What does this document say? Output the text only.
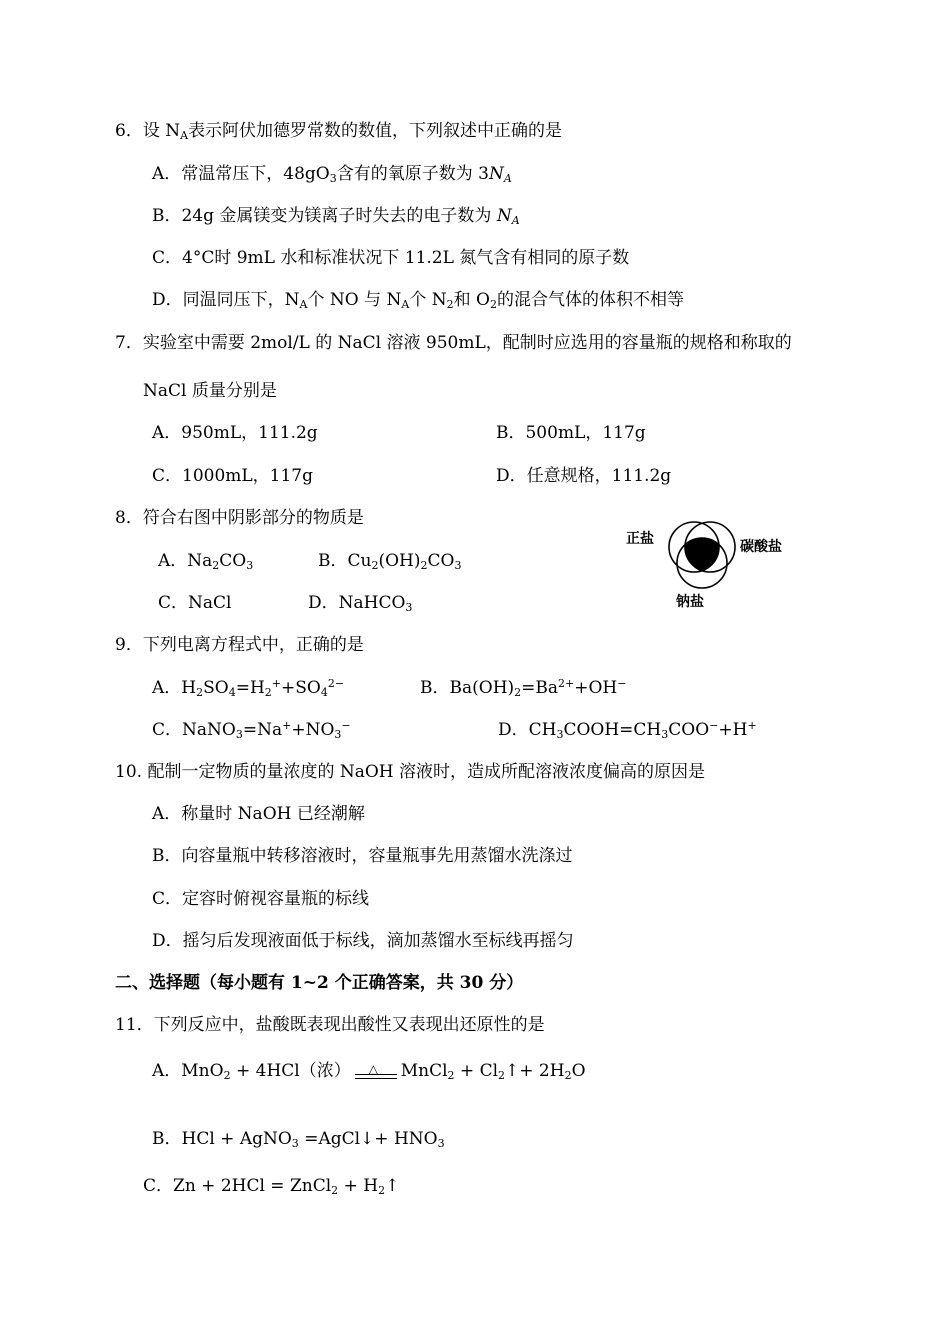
6．设 $N_A$表示阿伏加德罗常数的数值，下列叙述中正确的是
A．常温常压下，$48gO_3$含有的氧原子数为 $3N_A$
B．24g 金属镁变为镁离子时失去的电子数为 $N_A$
C．4°C时 9mL 水和标准状况下 11.2L 氮气含有相同的原子数
D．同温同压下，$N_A$个 NO 与 $N_A$个 $N_2$和 $O_2$的混合气体的体积不相等
7．实验室中需要 2mol/L 的 NaCl 溶液 950mL，配制时应选用的容量瓶的规格和称取的
NaCl 质量分别是
A．950mL，111.2g	B．500mL，117g
C．1000mL，117g	D．任意规格，111.2g
8．符合右图中阴影部分的物质是
A．$Na_2CO_3$	B．$Cu_2(OH)_2CO_3$
C．NaCl	D．NaHCO$_3$
正盐	碳酸盐
钠盐
9．下列电离方程式中，正确的是
A．$H_2SO_4=H_2^++SO_4^{2-}$	B．$Ba(OH)_2=Ba^{2+}+OH^-$
C．$NaNO_3=Na^++NO_3^-$	D．$CH_3COOH=CH_3COO^-+H^+$
10. 配制一定物质的量浓度的 NaOH 溶液时，造成所配溶液浓度偏高的原因是
A．称量时 NaOH 已经潮解
B．向容量瓶中转移溶液时，容量瓶事先用蒸馏水洗涤过
C．定容时俯视容量瓶的标线
D．摇匀后发现液面低于标线，滴加蒸馏水至标线再摇匀
二、选择题（每小题有 1~2 个正确答案，共 30 分）
11．下列反应中，盐酸既表现出酸性又表现出还原性的是
A．MnO$_2$ + 4HCl（浓） △ MnCl$_2$ + $Cl_2↑+ 2H_2O$
B．HCl + AgNO$_3$ =AgCl↓+ $HNO_3$
C．Zn + 2HCl = ZnCl$_2$ + $H_2↑$
